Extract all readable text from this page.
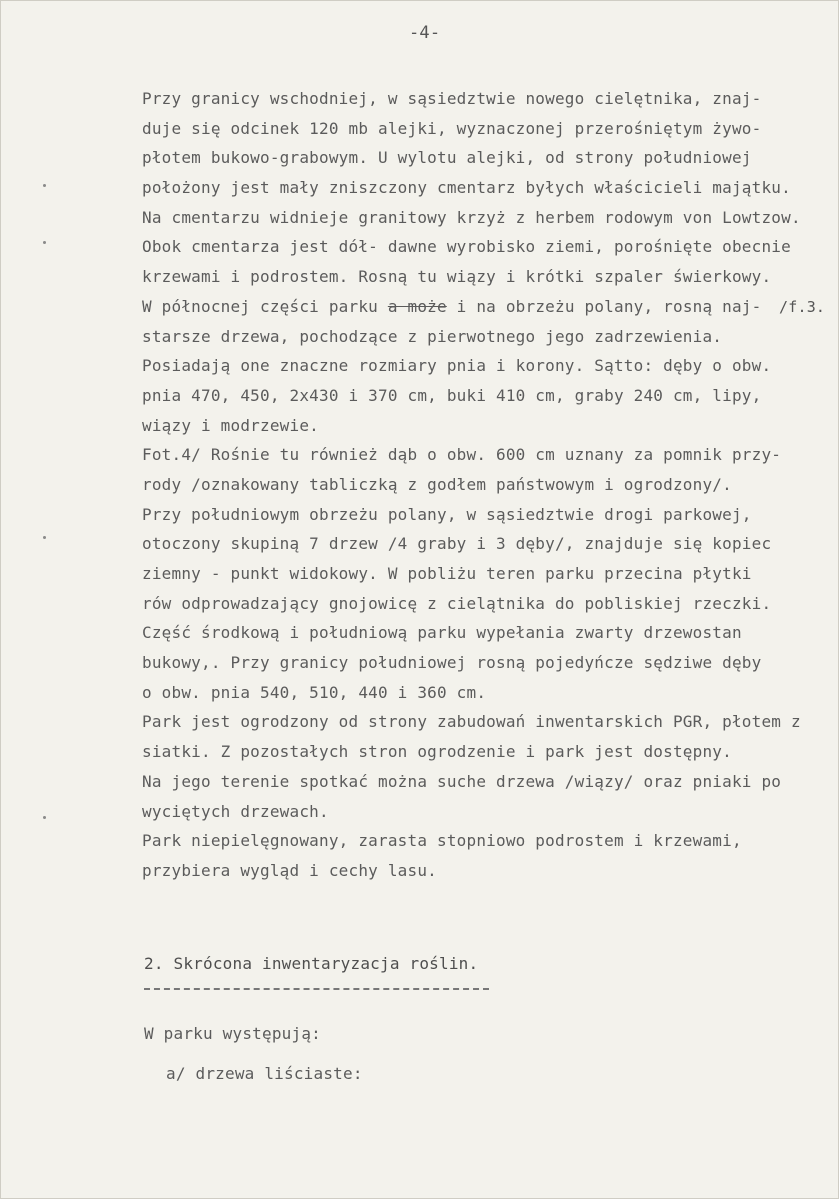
-4-
Przy granicy wschodniej, w sąsiedztwie nowego cielętnika, znaj-
duje się odcinek 120 mb alejki, wyznaczonej przerośniętym żywo-
płotem bukowo-grabowym. U wylotu alejki, od strony południowej
położony jest mały zniszczony cmentarz byłych właścicieli majątku.
Na cmentarzu widnieje granitowy krzyż z herbem rodowym von Lowtzow.
Obok cmentarza jest dół- dawne wyrobisko ziemi, porośnięte obecnie
krzewami i podrostem. Rosną tu wiązy i krótki szpaler świerkowy.
W północnej części parku a może i na obrzeżu polany, rosną naj-
starsze drzewa, pochodzące z pierwotnego jego zadrzewienia.
Posiadają one znaczne rozmiary pnia i korony. Sątto: dęby o obw.
pnia 470, 450, 2x430 i 370 cm, buki 410 cm, graby 240 cm, lipy,
wiązy i modrzewie.
Fot.4/ Rośnie tu również dąb o obw. 600 cm uznany za pomnik przy-
rody /oznakowany tabliczką z godłem państwowym i ogrodzony/.
Przy południowym obrzeżu polany, w sąsiedztwie drogi parkowej,
otoczony skupiną 7 drzew /4 graby i 3 dęby/, znajduje się kopiec
ziemny - punkt widokowy. W pobliżu teren parku przecina płytki
rów odprowadzający gnojowicę z cielątnika do pobliskiej rzeczki.
Część środkową i południową parku wypełania zwarty drzewostan
bukowy,. Przy granicy południowej rosną pojedyńcze sędziwe dęby
o obw. pnia 540, 510, 440 i 360 cm.
Park jest ogrodzony od strony zabudowań inwentarskich PGR, płotem z
siatki. Z pozostałych stron ogrodzenie i park jest dostępny.
Na jego terenie spotkać można suche drzewa /wiązy/ oraz pniaki po
wyciętych drzewach.
Park niepielęgnowany, zarasta stopniowo podrostem i krzewami,
przybiera wygląd i cechy lasu.
/f.3.
2. Skrócona inwentaryzacja roślin.
W parku występują:
a/ drzewa liściaste:
